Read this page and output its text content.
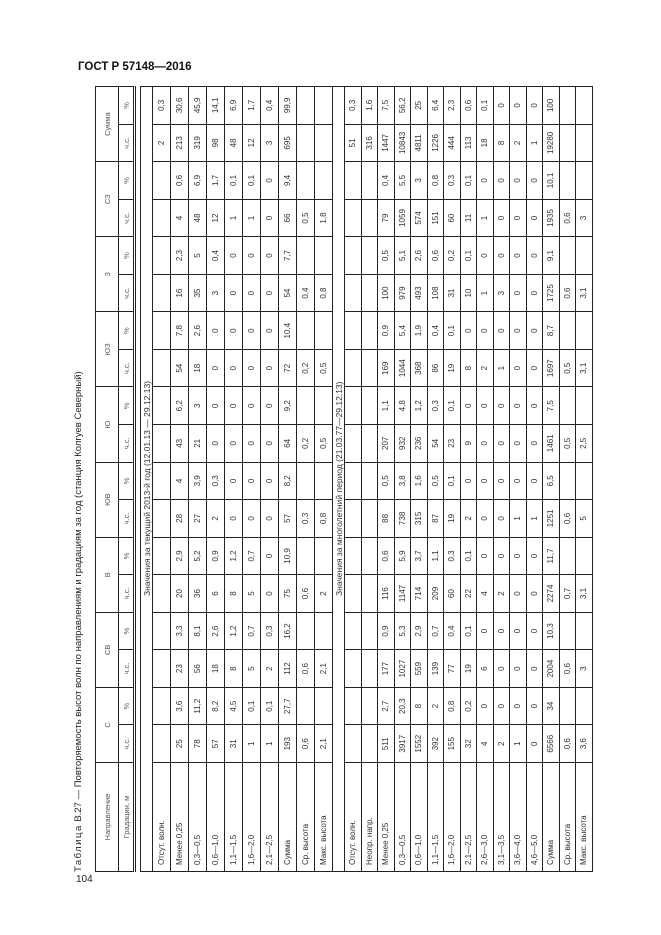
ГОСТ Р 57148—2016
104
Таблица В.27 — Повторяемость высот волн по направлениям и градациям за год (станция Колгуев Северный) Направление	С		СВ		В		ЮВ		Ю		ЮЗ		З		СЗ		Сумма	
Градации, м	ч.с.	%	ч.с.	%	ч.с.	%	ч.с.	%	ч.с.	%	ч.с.	%	ч.с.	%	ч.с.	%	ч.с.	%

Значения за текущий 2013-й год (12.01.13 — 29.12.13)																		
Отсут. волн.																	2	0,3
Менее 0,25	25	3,6	23	3,3	20	2,9	28	4	43	6,2	54	7,8	16	2,3	4	0,6	213	30,6
0,3—0,5	78	11,2	56	8,1	36	5,2	27	3,9	21	3	18	2,6	35	5	48	6,9	319	45,9
0,6—1,0	57	8,2	18	2,6	6	0,9	2	0,3	0	0	0	0	3	0,4	12	1,7	98	14,1
1,1—1,5	31	4,5	8	1,2	8	1,2	0	0	0	0	0	0	0	0	1	0,1	48	6,9
1,6—2,0	1	0,1	5	0,7	5	0,7	0	0	0	0	0	0	0	0	1	0,1	12	1,7
2,1—2,5	1	0,1	2	0,3	0	0	0	0	0	0	0	0	0	0	0	0	3	0,4
Сумма	193	27,7	112	16,2	75	10,9	57	8,2	64	9,2	72	10,4	54	7,7	66	9,4	695	99,9
Ср. высота	0,6		0,6		0,6		0,3		0,2		0,2		0,4		0,5			
Макс. высота	2,1		2,1		2		0,8		0,5		0,5		0,8		1,8			
Значения за многолетний период (21.03.77—29.12.13)																		
Отсут. волн.																	51	0,3
Неопр. напр.																	316	1,6
Менее 0,25	511	2,7	177	0,9	116	0,6	88	0,5	207	1,1	169	0,9	100	0,5	79	0,4	1447	7,5
0,3—0,5	3917	20,3	1027	5,3	1147	5,9	738	3,8	932	4,8	1044	5,4	979	5,1	1059	5,5	10843	56,2
0,6—1,0	1552	8	559	2,9	714	3,7	315	1,6	236	1,2	368	1,9	493	2,6	574	3	4811	25
1,1—1,5	392	2	139	0,7	209	1,1	87	0,5	54	0,3	86	0,4	108	0,6	151	0,8	1226	6,4
1,6—2,0	155	0,8	77	0,4	60	0,3	19	0,1	23	0,1	19	0,1	31	0,2	60	0,3	444	2,3
2,1—2,5	32	0,2	19	0,1	22	0,1	2	0	9	0	8	0	10	0,1	11	0,1	113	0,6
2,6—3,0	4	0	6	0	4	0	0	0	0	0	2	0	1	0	1	0	18	0,1
3,1—3,5	2	0	0	0	2	0	0	0	0	0	1	0	3	0	0	0	8	0
3,6—4,0	1	0	0	0	0	0	1	0	0	0	0	0	0	0	0	0	2	0
4,6—5,0	0	0	0	0	0	0	1	0	0	0	0	0	0	0	0	0	1	0
Сумма	6566	34	2004	10,3	2274	11,7	1251	6,5	1461	7,5	1697	8,7	1725	9,1	1935	10,1	19280	100
Ср. высота	0,6		0,6		0,7		0,6		0,5		0,5		0,6		0,6			
Макс. высота	3,6		3		3,1		5		2,5		3,1		3,1		3			
